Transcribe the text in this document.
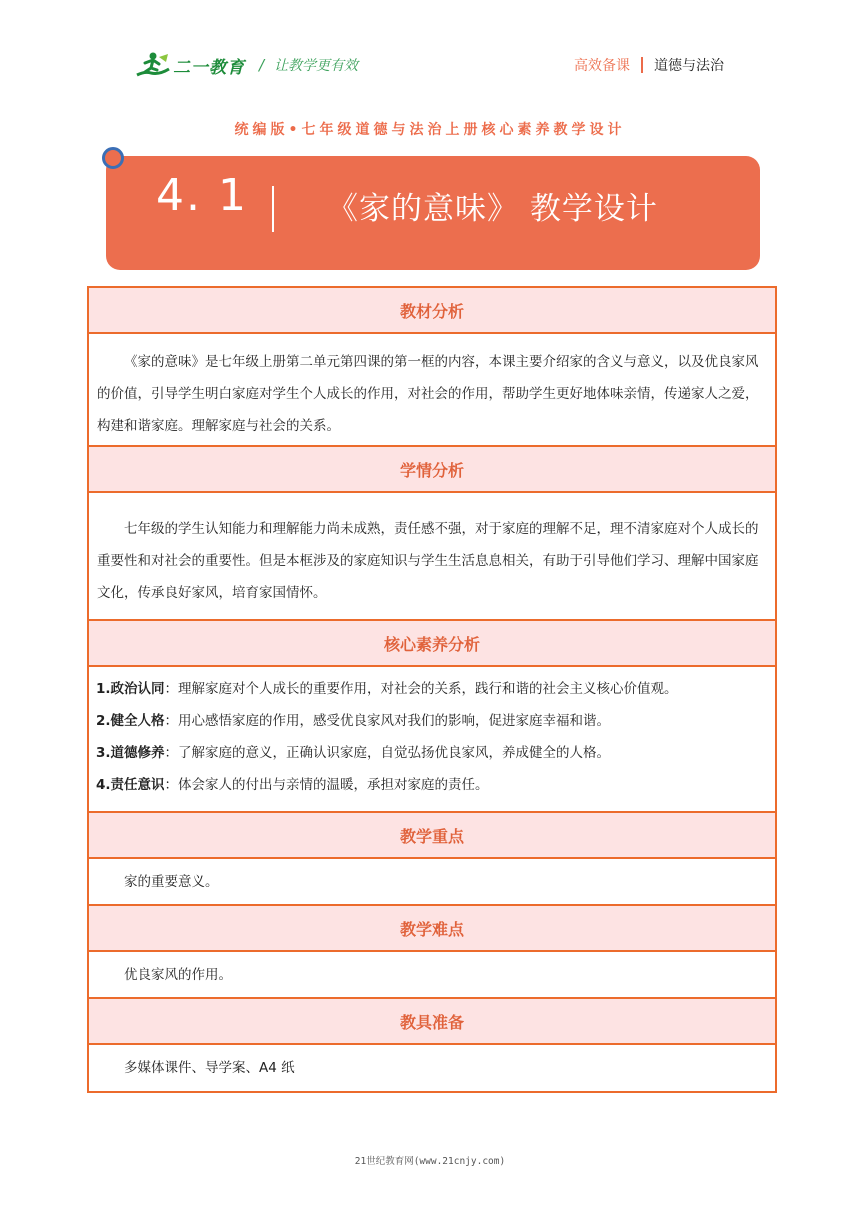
二一教育 / 让教学更有效	高效备课 道德与法治
统编版•七年级道德与法治上册核心素养教学设计
4. 1	《家的意味》 教学设计
教材分析

《家的意味》是七年级上册第二单元第四课的第一框的内容，本课主要介绍家的含义与意义，以及优良家风的价值，引导学生明白家庭对学生个人成长的作用，对社会的作用，帮助学生更好地体味亲情，传递家人之爱，构建和谐家庭。理解家庭与社会的关系。

学情分析

七年级的学生认知能力和理解能力尚未成熟，责任感不强，对于家庭的理解不足，理不清家庭对个人成长的重要性和对社会的重要性。但是本框涉及的家庭知识与学生生活息息相关，有助于引导他们学习、理解中国家庭文化，传承良好家风，培育家国情怀。

核心素养分析
1.政治认同：理解家庭对个人成长的重要作用，对社会的关系，践行和谐的社会主义核心价值观。
2.健全人格：用心感悟家庭的作用，感受优良家风对我们的影响，促进家庭幸福和谐。
3.道德修养：了解家庭的意义，正确认识家庭，自觉弘扬优良家风，养成健全的人格。
4.责任意识：体会家人的付出与亲情的温暖，承担对家庭的责任。
教学重点

家的重要意义。

教学难点

优良家风的作用。

教具准备

多媒体课件、导学案、A4 纸

21世纪教育网(www.21cnjy.com)
